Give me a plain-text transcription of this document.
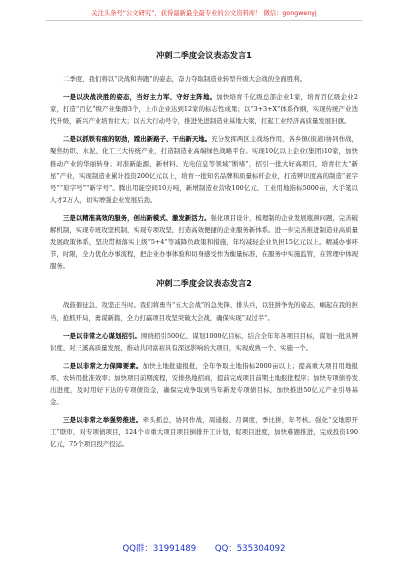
关注头条号“公文研究”，获得最新最全最专业的公文资料库！ 微信：gongwenyj
冲刺二季度会议表态发言1

二季度，我们将以“决战和奔跑”的姿态，奋力夺取制造业转型升级大会战的全面胜利。

一是以决战决胜的姿态，当好主力军、守好主阵地。加快培育千亿级总部企业1家，培育百亿级企业2家，打造“百亿”级产业集群3个，上市企业达到12家的标志性成果；以“3+3+X”体系作纲，实现传统产业迭代升级，新兴产业培育壮大；以五大行动号令，推进先进制造业基地大梁，扛起工业经济高质量发展旧旗。

二是以抓铁有痕的韧劲，蹚出新路子、干出新天地。充分发挥两区主战场作用，各乡镇(街道)协同作战，聚焦纺织、水泥、化工三大传统产业，打造制造业高端绿色战略平台。实现10亿以上企业(集团)10家，加快推动产业的华丽转身；对准新能源、新材料、光电信息等领域“断堵”，招引一批大好高项目，培育壮大“新星”产业，实现制造业累计投资200亿元以上，培育一批知名品牌和质量标杆企业，打造辨识度高的制造“老字号”“原字号”“新字号”。腾出用能空间10万吨，新增制造业营收100亿元、工业用地指标5000亩，大手笔以人才2万人，切实增强企业发展后劲。

三是以精准高效的服务，创出新模式、激发新活力。强化项目设计，梳理制的企业发展瓶颈问题，完善破解机制，实现专班攻坚机制，实现专项攻坚，打造高效便捷的企业服务新体系。进一步完善推进制造业高质量发展政策体系，坚决贯彻落实上级“5+4”等减降负政策和措施，年均减轻企业负担15亿元以上。精减办事环节，时限，全力优化办事流程，把企业办事体验和切身感受作为衡量标准，在服务中实施监管，在管理中体现服务。

冲刺二季度会议表态发言2

战鼓催征急，攻坚正当时。我们将勇当“五大会战”的急先锋、排头兵，以狂拼争先的姿态，崛起在我的担当，抢抓开局，勇谋新篇，全力打赢项目攻坚突破大会战，确保实现“双过半”。

一是以非常之心谋划招引。围绕招引500亿、谋划1000亿目标，结合全年年各项目目标，谋划一批具辨识度、对三溪高质量发展、推动共同富裕具有深远影响的大项目，实现成熟一个、实施一个。

二是以非常之力保障要素。加快土地批建报批，全年争取土地指标2000亩以上；提高重大项目用地报率、农转用批准效率；加快项目前期流程，安排热地招商，提前完成项目前期土地报批程序；加快专项债券发出进度，及时用好下达的专项债资金，确保完成争取到当年新发专项债目标，加快推进50亿元产业引导基金。

三是以非常之举强势推进。牵头抓总，协同作战，周通报、月调度，季比拼，年考核。强化“交地即开工”联审，对专项债项目，124个市重大项目项目倒排开工计划，促项目进度，加快难题推进，完成投资190亿元，75个项目投产投运。

QQ群：31991489 QQ：535304092
